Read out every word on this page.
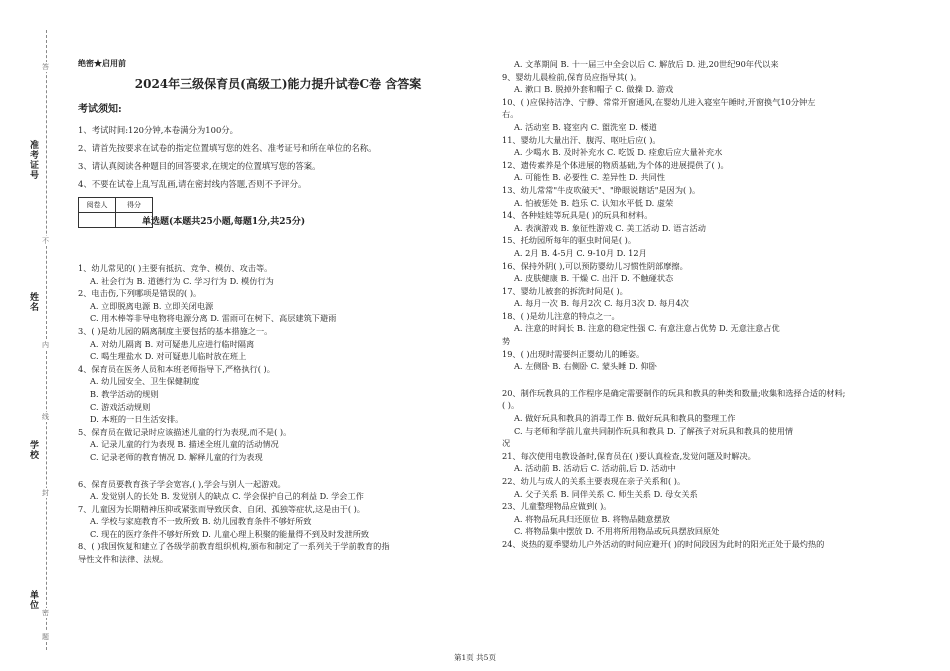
准考证号
姓名
学校
单位
密
封
线
内
不
答
题

绝密★启用前

2024年三级保育员(高级工)能力提升试卷C卷 含答案

考试须知:

1、考试时间:120分钟,本卷满分为100分。

2、请首先按要求在试卷的指定位置填写您的姓名、准考证号和所在单位的名称。

3、请认真阅读各种题目的回答要求,在规定的位置填写您的答案。

4、不要在试卷上乱写乱画,请在密封线内答题,否则不予评分。

阅卷人	得分

1、幼儿常见的( )主要有抵抗、竞争、模仿、攻击等。

A. 社会行为 B. 道德行为 C. 学习行为 D. 模仿行为

2、电击伤,下列哪项是错误的( )。

A. 立即脱离电源 B. 立即关闭电源

C. 用木棒等非导电物将电源分离 D. 雷雨可在树下、高层建筑下避雨

3、( )是幼儿园的隔离制度主要包括的基本措施之一。

A. 对幼儿隔离 B. 对可疑患儿应进行临时隔离

C. 喝生理盐水 D. 对可疑患儿临时放在班上

4、保育员在医务人员和本班老师指导下,严格执行( )。

A. 幼儿园安全、卫生保健制度

B. 教学活动的规则

C. 游戏活动规则

D. 本班的一日生活安排。

5、保育员在做记录时应该描述儿童的行为表现,而不是( )。

A. 记录儿童的行为表现 B. 描述全班儿童的活动情况

C. 记录老师的教育情况 D. 解释儿童的行为表现

6、保育员要教育孩子学会宽容,( ),学会与别人一起游戏。

A. 发觉别人的长处 B. 发觉别人的缺点 C. 学会保护自己的利益 D. 学会工作

7、儿童因为长期精神压抑或紧张而导致厌食、自闭、孤独等症状,这是由于( )。

A. 学校与家庭教育不一致所致 B. 幼儿园教育条件不够好所致

C. 现在的医疗条件不够好所致 D. 儿童心理上积聚的能量得不到及时发泄所致

8、( )我国恢复和建立了各级学前教育组织机构,颁布和制定了一系列关于学前教育的指

导性文件和法律、法规。

单选题(本题共25小题,每题1分,共25分)

A. 文革期间 B. 十一届三中全会以后 C. 解放后 D. 进,20世纪90年代以来

9、婴幼儿晨检前,保育员应指导其( )。

A. 漱口 B. 脱掉外套和帽子 C. 做操 D. 游戏

10、( )应保持洁净、宁静、常常开窗通风,在婴幼儿进入寝室午睡时,开窗换气10分钟左

右。

A. 活动室 B. 寝室内 C. 盥洗室 D. 楼道

11、婴幼儿大量出汗、腹泻、呕吐后应( )。

A. 少喝水 B. 及时补充水 C. 吃饭 D. 痊愈后应大量补充水

12、遗传素养是个体进展的物质基础,为个体的进展提供了( )。

A. 可能性 B. 必要性 C. 差异性 D. 共同性

13、幼儿常常"牛皮吹破天"、"睁眼说瞎话"是因为( )。

A. 怕被惩处 B. 趋乐 C. 认知水平低 D. 虚荣

14、各种娃娃等玩具是( )的玩具和材料。

A. 表演游戏 B. 象征性游戏 C. 美工活动 D. 语言活动

15、托幼园所每年的驱虫时间是( )。

A. 2月 B. 4-5月 C. 9-10月 D. 12月

16、保持外阴( ),可以预防婴幼儿习惯性阴部摩擦。

A. 皮肤健康 B. 干燥 C. 出汗 D. 不触碰状态

17、婴幼儿被套的拆洗时间是( )。

A. 每月一次 B. 每月2次 C. 每月3次 D. 每月4次

18、( )是幼儿注意的特点之一。

A. 注意的时间长 B. 注意的稳定性强 C. 有意注意占优势 D. 无意注意占优

势

19、( )出现时需要纠正婴幼儿的睡姿。

A. 左侧卧 B. 右侧卧 C. 蒙头睡 D. 仰卧

20、制作玩教具的工作程序是确定需要制作的玩具和教具的种类和数量;收集和选择合适的材料;

( )。

A. 做好玩具和教具的消毒工作 B. 做好玩具和教具的整理工作

C. 与老师和学前儿童共同制作玩具和教具 D. 了解孩子对玩具和教具的使用情

况

21、每次使用电教设备时,保育员在( )要认真检查,发觉问题及时解决。

A. 活动前 B. 活动后 C. 活动前,后 D. 活动中

22、幼儿与成人的关系主要表现在亲子关系和( )。

A. 父子关系 B. 同伴关系 C. 师生关系 D. 母女关系

23、儿童整理物品应做到( )。

A. 将物品玩具归还原位 B. 将物品随意摆放

C. 将物品集中摆放 D. 不用将所用物品或玩具摆放回原处

24、炎热的夏季婴幼儿户外活动的时间应避开( )的时间段因为此时的阳光正处于最灼热的

第1页 共5页
